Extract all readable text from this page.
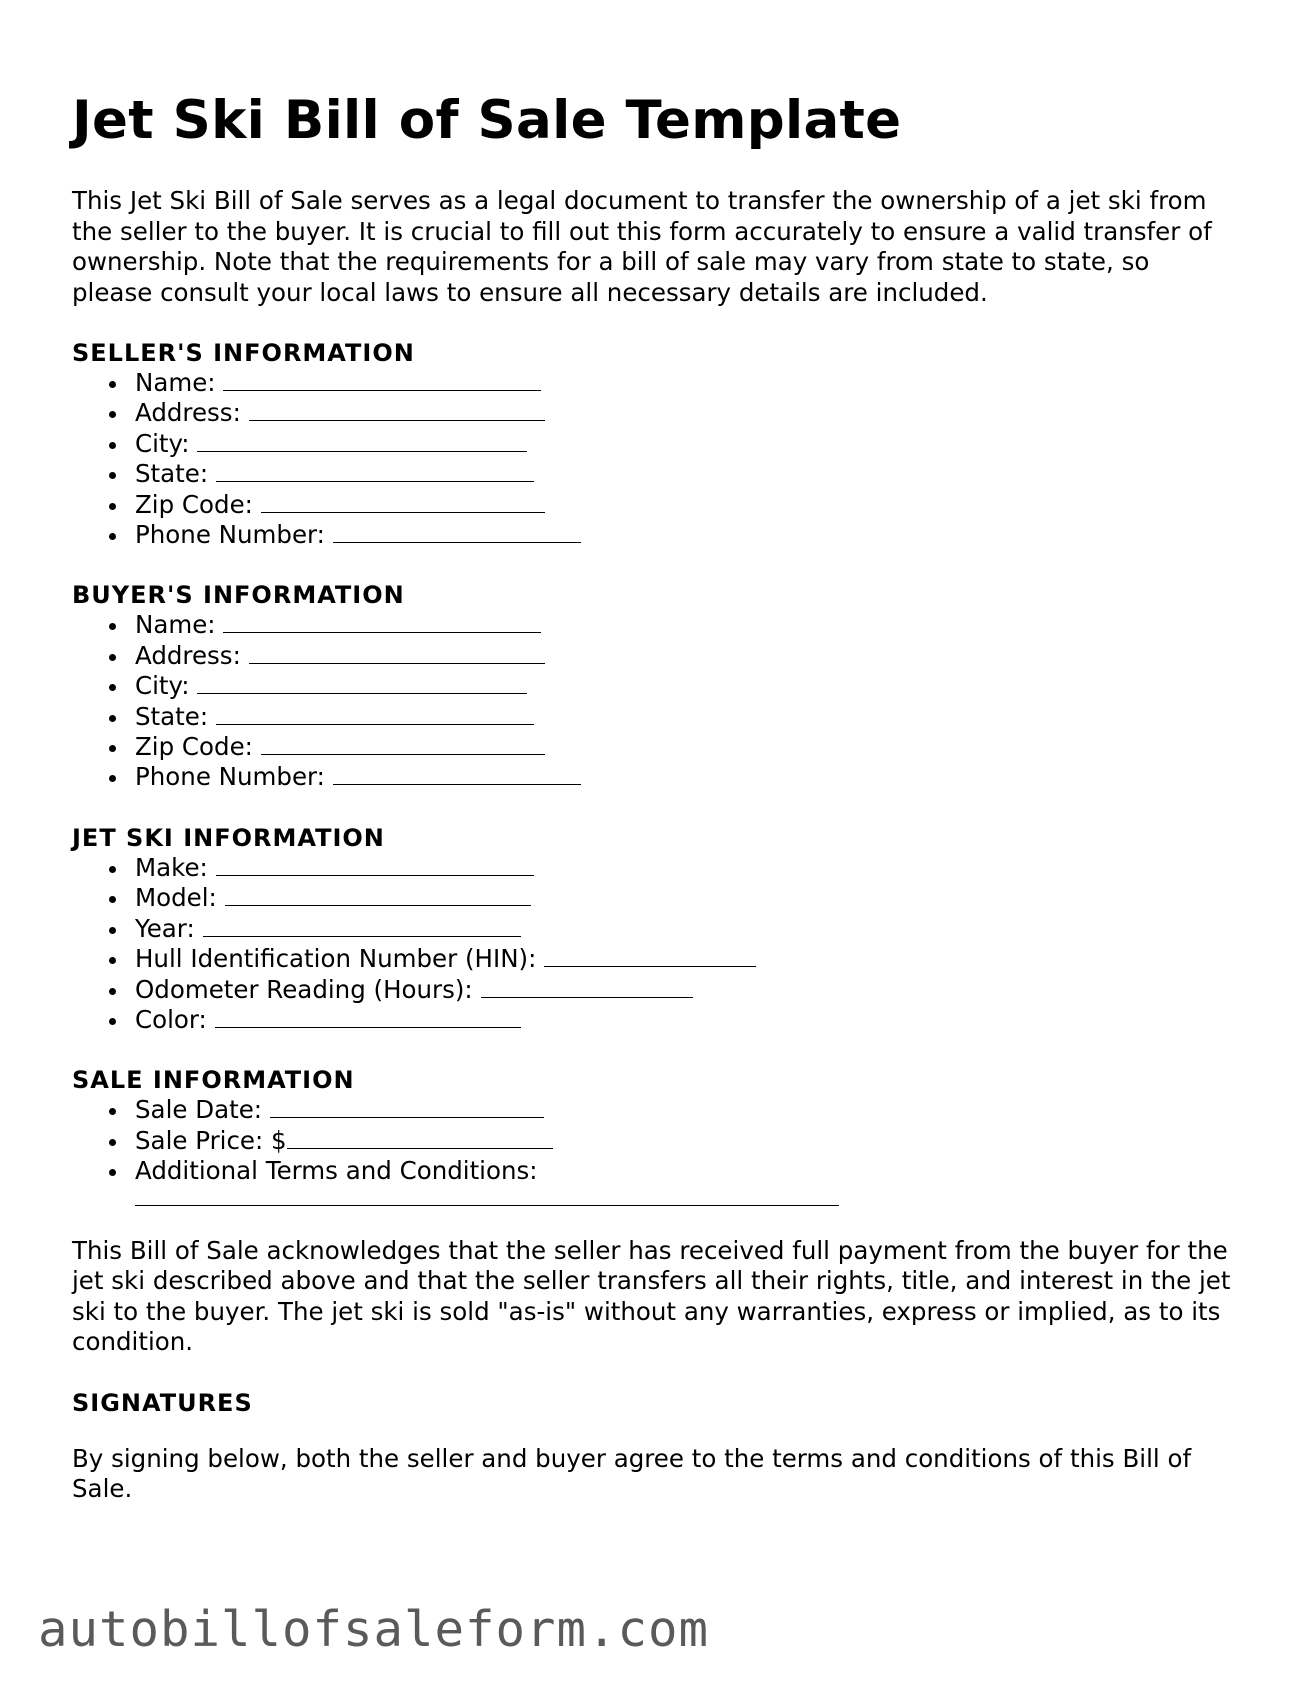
Jet Ski Bill of Sale Template

This Jet Ski Bill of Sale serves as a legal document to transfer the ownership of a jet ski from the seller to the buyer. It is crucial to fill out this form accurately to ensure a valid transfer of ownership. Note that the requirements for a bill of sale may vary from state to state, so please consult your local laws to ensure all necessary details are included.

SELLER'S INFORMATION
Name:
Address:
City:
State:
Zip Code:
Phone Number:
BUYER'S INFORMATION
Name:
Address:
City:
State:
Zip Code:
Phone Number:
JET SKI INFORMATION
Make:
Model:
Year:
Hull Identification Number (HIN):
Odometer Reading (Hours):
Color:
SALE INFORMATION
Sale Date:
Sale Price: $
Additional Terms and Conditions:

This Bill of Sale acknowledges that the seller has received full payment from the buyer for the jet ski described above and that the seller transfers all their rights, title, and interest in the jet ski to the buyer. The jet ski is sold "as-is" without any warranties, express or implied, as to its condition.

SIGNATURES

By signing below, both the seller and buyer agree to the terms and conditions of this Bill of Sale.

autobillofsaleform.com
